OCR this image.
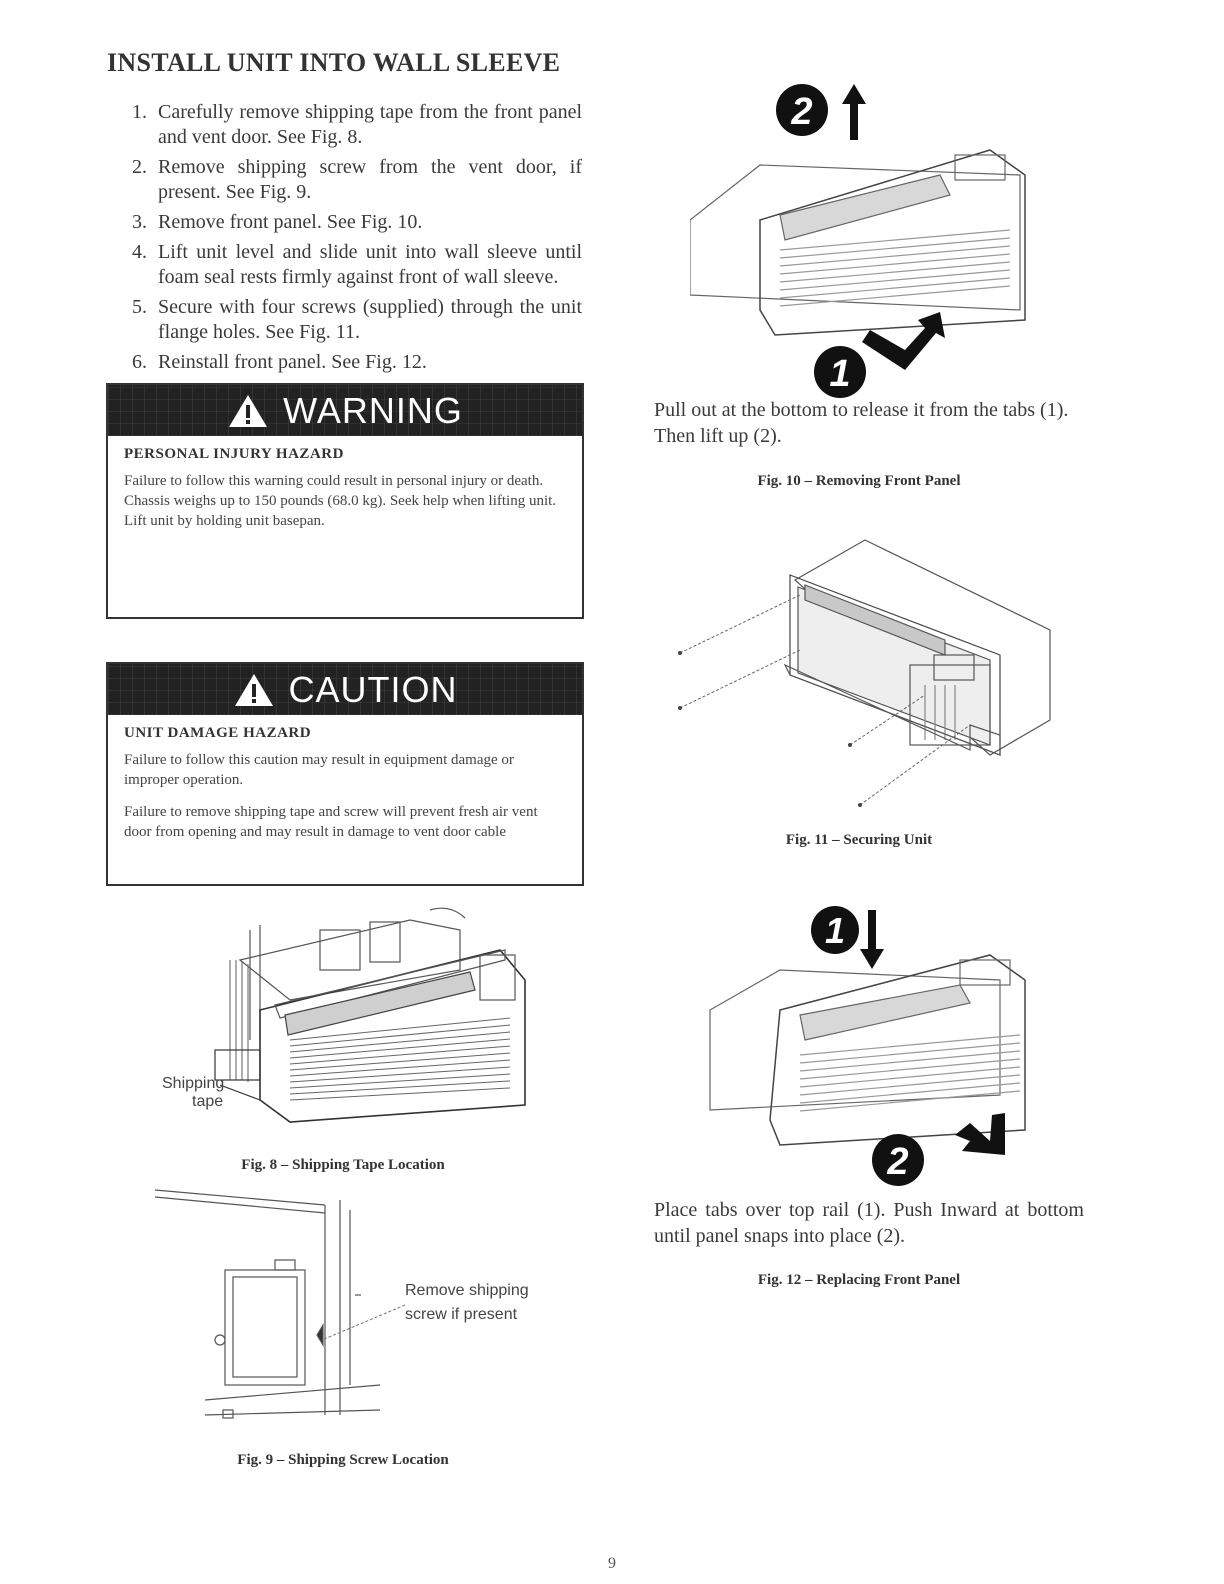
INSTALL UNIT INTO WALL SLEEVE
1. Carefully remove shipping tape from the front panel and vent door. See Fig. 8.
2. Remove shipping screw from the vent door, if present. See Fig. 9.
3. Remove front panel. See Fig. 10.
4. Lift unit level and slide unit into wall sleeve until foam seal rests firmly against front of wall sleeve.
5. Secure with four screws (supplied) through the unit flange holes. See Fig. 11.
6. Reinstall front panel. See Fig. 12.
WARNING
PERSONAL INJURY HAZARD

Failure to follow this warning could result in personal injury or death.

Chassis weighs up to 150 pounds (68.0 kg). Seek help when lifting unit.

Lift unit by holding unit basepan.

CAUTION
UNIT DAMAGE HAZARD

Failure to follow this caution may result in equipment damage or improper operation.

Failure to remove shipping tape and screw will prevent fresh air vent door from opening and may result in damage to vent door cable

Shipping
tape
Fig. 8 – Shipping Tape Location
Remove shipping
screw if present
Fig. 9 – Shipping Screw Location
2
1
Pull out at the bottom to release it from the tabs (1). Then lift up (2).
Fig. 10 – Removing Front Panel
Fig. 11 – Securing Unit
1
2
Place tabs over top rail (1). Push Inward at bottom until panel snaps into place (2).
Fig. 12 – Replacing Front Panel
9
